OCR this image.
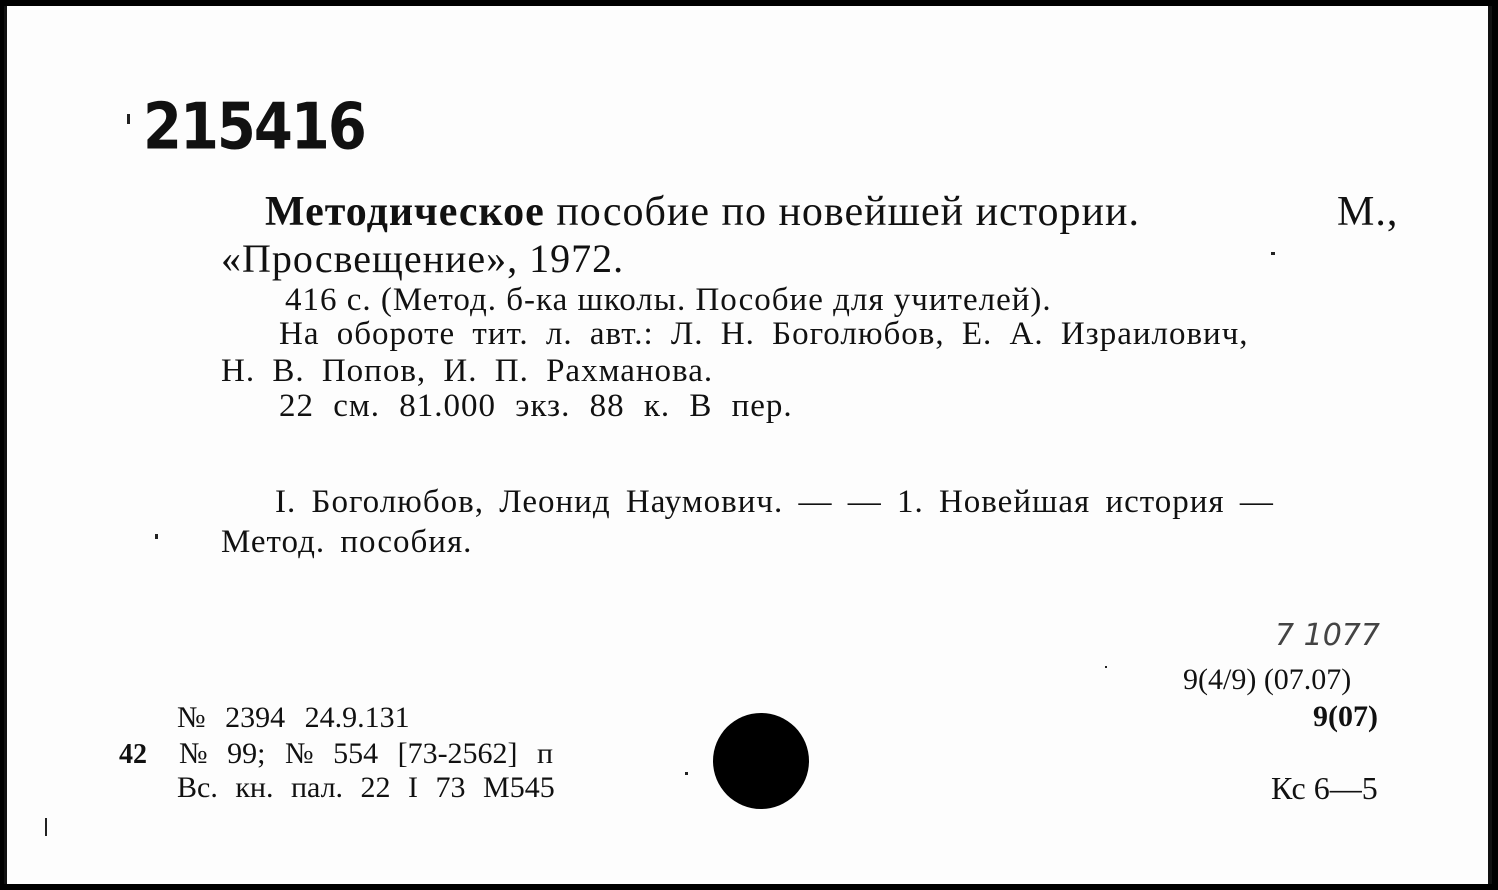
215416
Методическое пособие по новейшей истории.	М.,
«Просвещение», 1972.
416 с. (Метод. б-ка школы. Пособие для учителей).
На обороте тит. л. авт.: Л. Н. Боголюбов, Е. А. Израилович,
Н. В. Попов, И. П. Рахманова.
22 см. 81.000 экз. 88 к. В пер.
I. Боголюбов, Леонид Наумович. — — 1. Новейшая история —
Метод. пособия.
7 1077
9(4/9) (07.07)
9(07)
Кс 6—5
№ 2394 24.9.131
42 № 99; № 554 [73-2562] п
Вс. кн. пал. 22 I 73 М545
